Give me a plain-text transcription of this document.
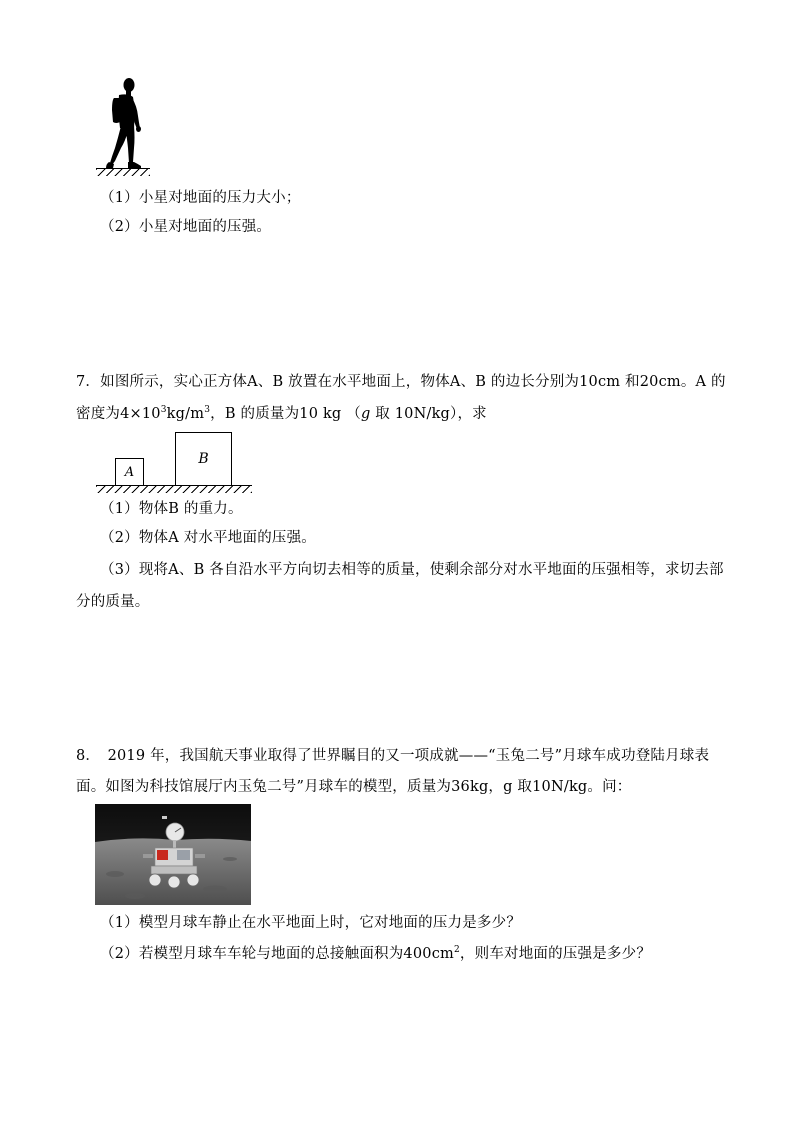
（1）小星对地面的压力大小；
（2）小星对地面的压强。
7．如图所示，实心正方体A、B 放置在水平地面上，物体A、B 的边长分别为10cm 和20cm。A 的
密度为$4\times 10^3kg/m^3$，B 的质量为10 kg （g 取 10N/kg），求
A
B
（1）物体B 的重力。
（2）物体A 对水平地面的压强。
（3）现将A、B 各自沿水平方向切去相等的质量，使剩余部分对水平地面的压强相等，求切去部
分的质量。
8．　2019 年，我国航天事业取得了世界瞩目的又一项成就——“玉兔二号”月球车成功登陆月球表
面。如图为科技馆展厅内玉兔二号”月球车的模型，质量为36kg，g 取10N/kg。问：
（1）模型月球车静止在水平地面上时，它对地面的压力是多少？
（2）若模型月球车车轮与地面的总接触面积为$400cm^2$，则车对地面的压强是多少？
